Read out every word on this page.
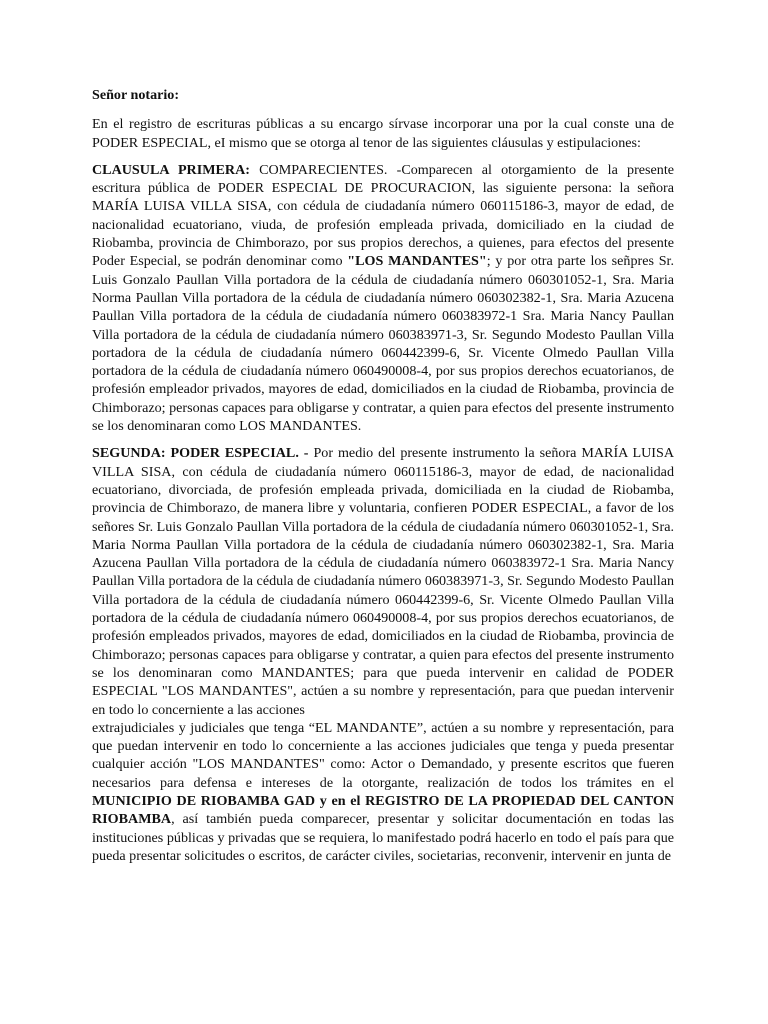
Señor notario:

En el registro de escrituras públicas a su encargo sírvase incorporar una por la cual conste una de PODER ESPECIAL, eI mismo que se otorga al tenor de las siguientes cláusulas y estipulaciones:

CLAUSULA PRIMERA: COMPARECIENTES. -Comparecen al otorgamiento de la presente escritura pública de PODER ESPECIAL DE PROCURACION, las siguiente persona: la señora MARÍA LUISA VILLA SISA, con cédula de ciudadanía número 060115186-3, mayor de edad, de nacionalidad ecuatoriano, viuda, de profesión empleada privada, domiciliado en la ciudad de Riobamba, provincia de Chimborazo, por sus propios derechos, a quienes, para efectos del presente Poder Especial, se podrán denominar como "LOS MANDANTES"; y por otra parte los señpres Sr. Luis Gonzalo Paullan Villa portadora de la cédula de ciudadanía número 060301052-1, Sra. Maria Norma Paullan Villa portadora de la cédula de ciudadanía número 060302382-1, Sra. Maria Azucena Paullan Villa portadora de la cédula de ciudadanía número 060383972-1 Sra. Maria Nancy Paullan Villa portadora de la cédula de ciudadanía número 060383971-3, Sr. Segundo Modesto Paullan Villa portadora de la cédula de ciudadanía número 060442399-6, Sr. Vicente Olmedo Paullan Villa portadora de la cédula de ciudadanía número 060490008-4, por sus propios derechos ecuatorianos, de profesión empleador privados, mayores de edad, domiciliados en la ciudad de Riobamba, provincia de Chimborazo; personas capaces para obligarse y contratar, a quien para efectos del presente instrumento se los denominaran como LOS MANDANTES.

SEGUNDA: PODER ESPECIAL. - Por medio del presente instrumento la señora MARÍA LUISA VILLA SISA, con cédula de ciudadanía número 060115186-3, mayor de edad, de nacionalidad ecuatoriano, divorciada, de profesión empleada privada, domiciliada en la ciudad de Riobamba, provincia de Chimborazo, de manera libre y voluntaria, confieren PODER ESPECIAL, a favor de los señores Sr. Luis Gonzalo Paullan Villa portadora de la cédula de ciudadanía número 060301052-1, Sra. Maria Norma Paullan Villa portadora de la cédula de ciudadanía número 060302382-1, Sra. Maria Azucena Paullan Villa portadora de la cédula de ciudadanía número 060383972-1 Sra. Maria Nancy Paullan Villa portadora de la cédula de ciudadanía número 060383971-3, Sr. Segundo Modesto Paullan Villa portadora de la cédula de ciudadanía número 060442399-6, Sr. Vicente Olmedo Paullan Villa portadora de la cédula de ciudadanía número 060490008-4, por sus propios derechos ecuatorianos, de profesión empleados privados, mayores de edad, domiciliados en la ciudad de Riobamba, provincia de Chimborazo; personas capaces para obligarse y contratar, a quien para efectos del presente instrumento se los denominaran como MANDANTES; para que pueda intervenir en calidad de PODER ESPECIAL "LOS MANDANTES", actúen a su nombre y representación, para que puedan intervenir en todo lo concerniente a las acciones

extrajudiciales y judiciales que tenga “EL MANDANTE”, actúen a su nombre y representación, para que puedan intervenir en todo lo concerniente a las acciones judiciales que tenga y pueda presentar cualquier acción "LOS MANDANTES" como: Actor o Demandado, y presente escritos que fueren necesarios para defensa e intereses de la otorgante, realización de todos los trámites en el MUNICIPIO DE RIOBAMBA GAD y en el REGISTRO DE LA PROPIEDAD DEL CANTON RIOBAMBA, así también pueda comparecer, presentar y solicitar documentación en todas las instituciones públicas y privadas que se requiera, lo manifestado podrá hacerlo en todo el país para que pueda presentar solicitudes o escritos, de carácter civiles, societarias, reconvenir, intervenir en junta de
